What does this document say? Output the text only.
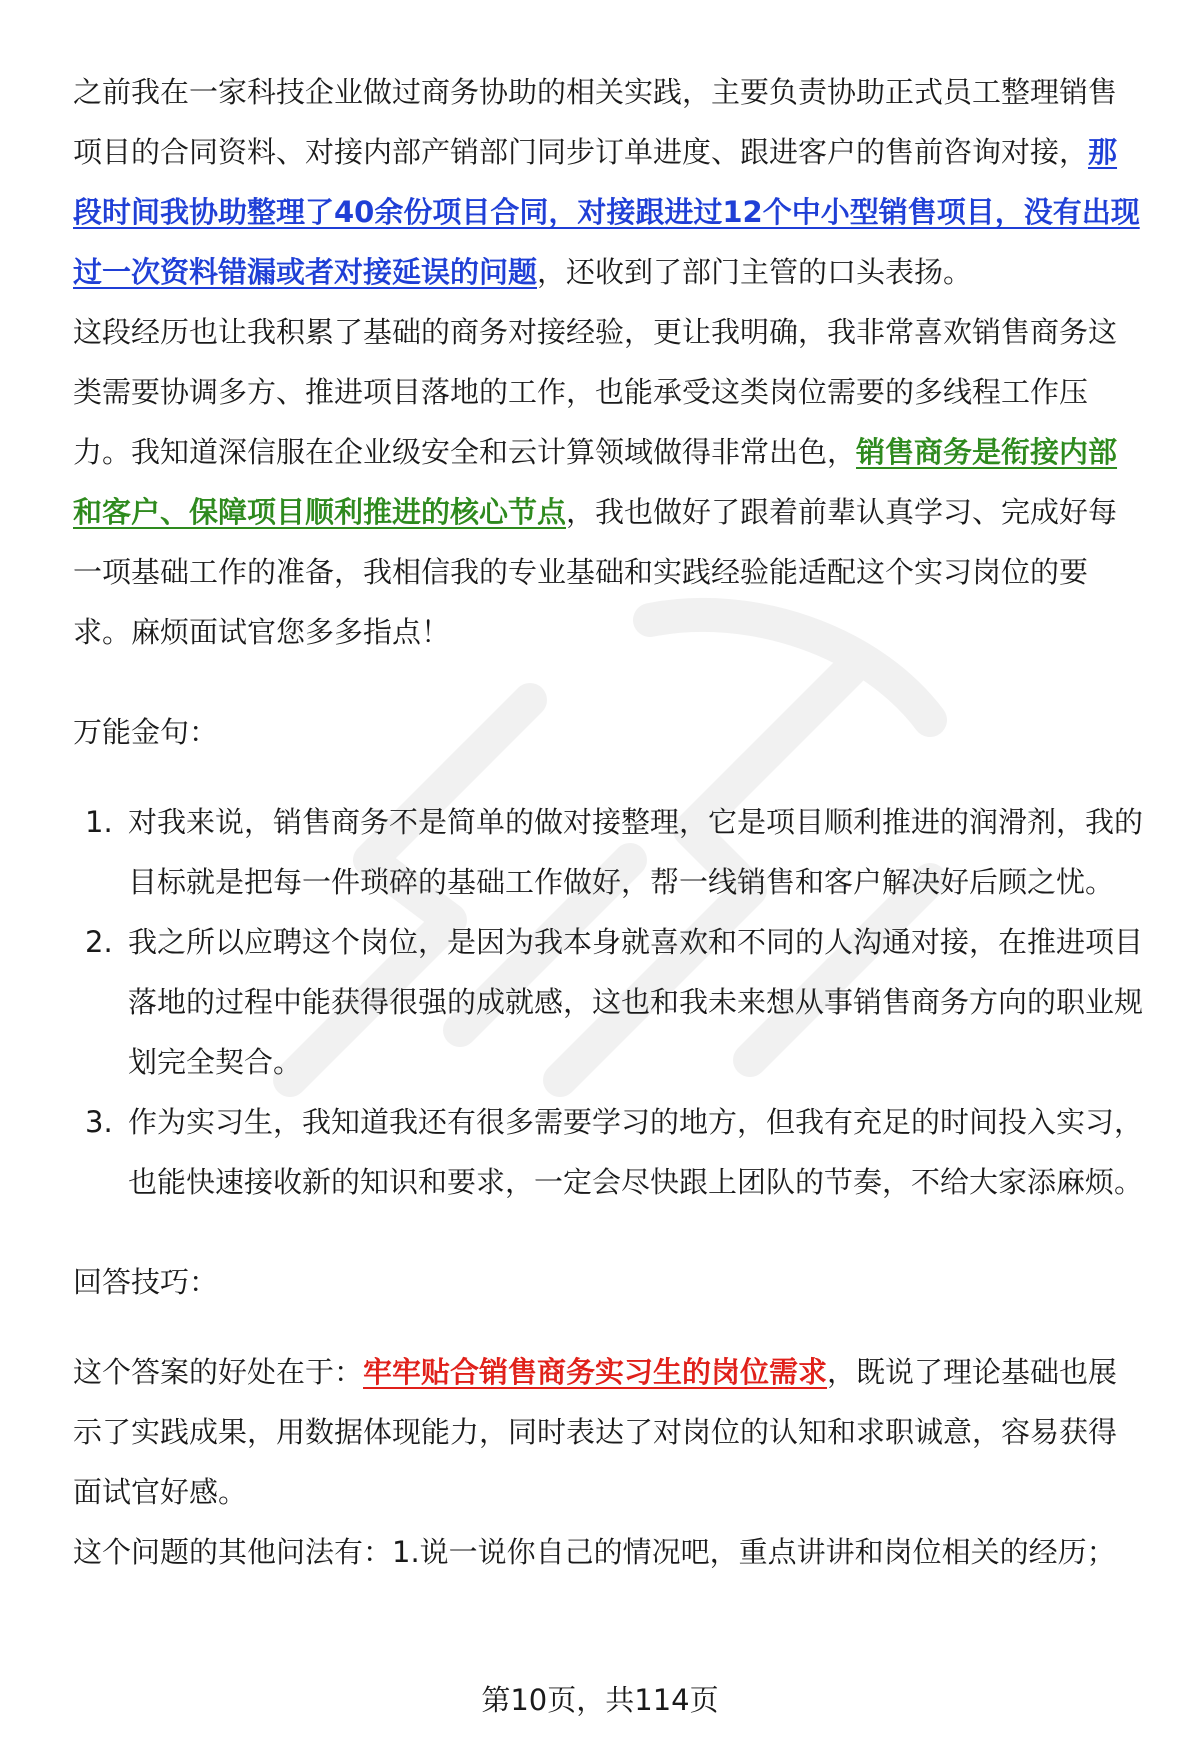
之前我在一家科技企业做过商务协助的相关实践，主要负责协助正式员工整理销售项目的合同资料、对接内部产销部门同步订单进度、跟进客户的售前咨询对接，那段时间我协助整理了40余份项目合同，对接跟进过12个中小型销售项目，没有出现过一次资料错漏或者对接延误的问题，还收到了部门主管的口头表扬。

这段经历也让我积累了基础的商务对接经验，更让我明确，我非常喜欢销售商务这类需要协调多方、推进项目落地的工作，也能承受这类岗位需要的多线程工作压力。我知道深信服在企业级安全和云计算领域做得非常出色，销售商务是衔接内部和客户、保障项目顺利推进的核心节点，我也做好了跟着前辈认真学习、完成好每一项基础工作的准备，我相信我的专业基础和实践经验能适配这个实习岗位的要求。麻烦面试官您多多指点！

万能金句：

1. 对我来说，销售商务不是简单的做对接整理，它是项目顺利推进的润滑剂，我的目标就是把每一件琐碎的基础工作做好，帮一线销售和客户解决好后顾之忧。
2. 我之所以应聘这个岗位，是因为我本身就喜欢和不同的人沟通对接，在推进项目落地的过程中能获得很强的成就感，这也和我未来想从事销售商务方向的职业规划完全契合。
3. 作为实习生，我知道我还有很多需要学习的地方，但我有充足的时间投入实习，也能快速接收新的知识和要求，一定会尽快跟上团队的节奏，不给大家添麻烦。

回答技巧：

这个答案的好处在于：牢牢贴合销售商务实习生的岗位需求，既说了理论基础也展示了实践成果，用数据体现能力，同时表达了对岗位的认知和求职诚意，容易获得面试官好感。

这个问题的其他问法有：1.说一说你自己的情况吧，重点讲讲和岗位相关的经历；

第10页，共114页
